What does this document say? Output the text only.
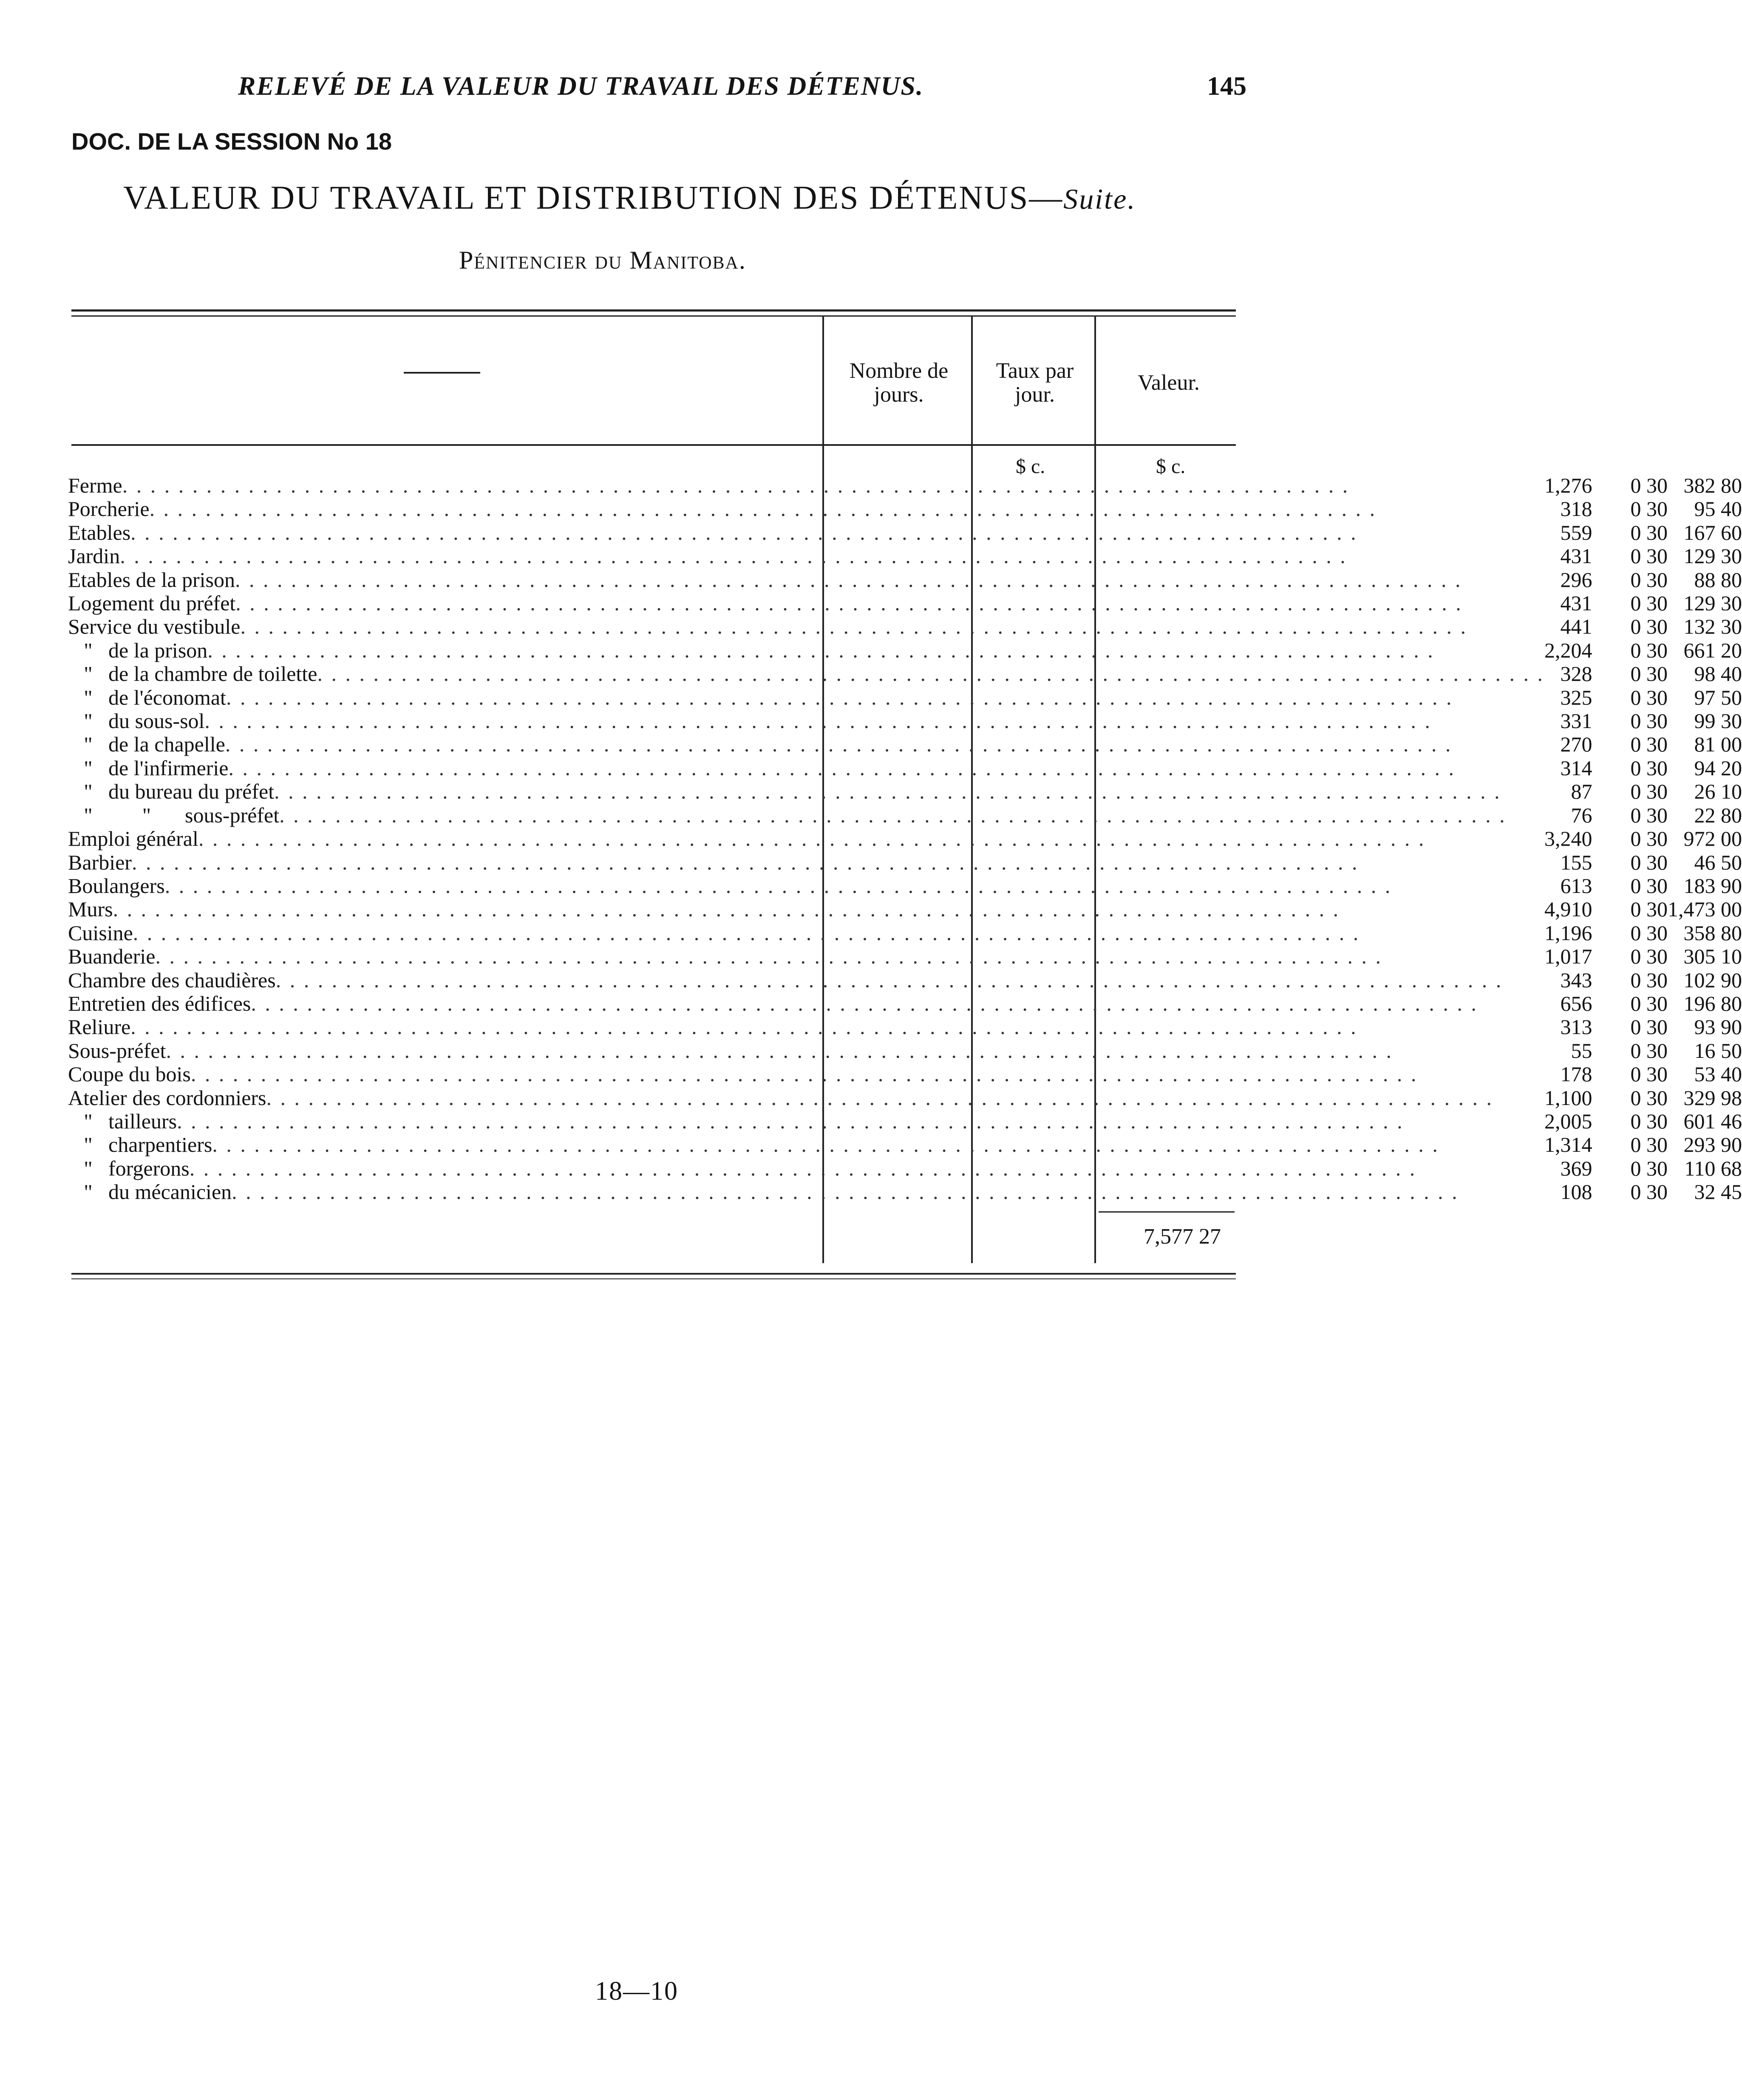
RELEVÉ DE LA VALEUR DU TRAVAIL DES DÉTENUS.	145
DOC. DE LA SESSION No 18
VALEUR DU TRAVAIL ET DISTRIBUTION DES DÉTENUS—Suite.
Pénitencier du Manitoba.
Nombre de jours.
Taux par jour.	Valeur.
$ c.	$ c.
Ferme
. . .	1,276	0 30	382 80

Porcherie
. . .	318	0 30	95 40

Etables
. . .	559	0 30	167 60

Jardin
. . .	431	0 30	129 30

Etables de la prison
. . .	296	0 30	88 80

Logement du préfet
. . .	431	0 30	129 30

Service du vestibule
. . .	441	0 30	132 30

" de la prison
. . .	2,204	0 30	661 20

" de la chambre de toilette
. . .	328	0 30	98 40

" de l'économat
. . .	325	0 30	97 50

" du sous-sol
. . .	331	0 30	99 30

" de la chapelle
. . .	270	0 30	81 00

" de l'infirmerie
. . .	314	0 30	94 20

" du bureau du préfet
. . .	87	0 30	26 10

" " sous-préfet
. . .	76	0 30	22 80

Emploi général
. . .	3,240	0 30	972 00

Barbier
. . .	155	0 30	46 50

Boulangers
. . .	613	0 30	183 90

Murs
. . .	4,910	0 30	1,473 00

Cuisine
. . .	1,196	0 30	358 80

Buanderie
. . .	1,017	0 30	305 10

Chambre des chaudières
. . .	343	0 30	102 90

Entretien des édifices
. . .	656	0 30	196 80

Reliure
. . .	313	0 30	93 90

Sous-préfet
. . .	55	0 30	16 50

Coupe du bois
. . .	178	0 30	53 40

Atelier des cordonniers
. . .	1,100	0 30	329 98

" tailleurs
. . .	2,005	0 30	601 46

" charpentiers
. . .	1,314	0 30	293 90

" forgerons
. . .	369	0 30	110 68

" du mécanicien
. . .	108	0 30	32 45
7,577 27
18—10
